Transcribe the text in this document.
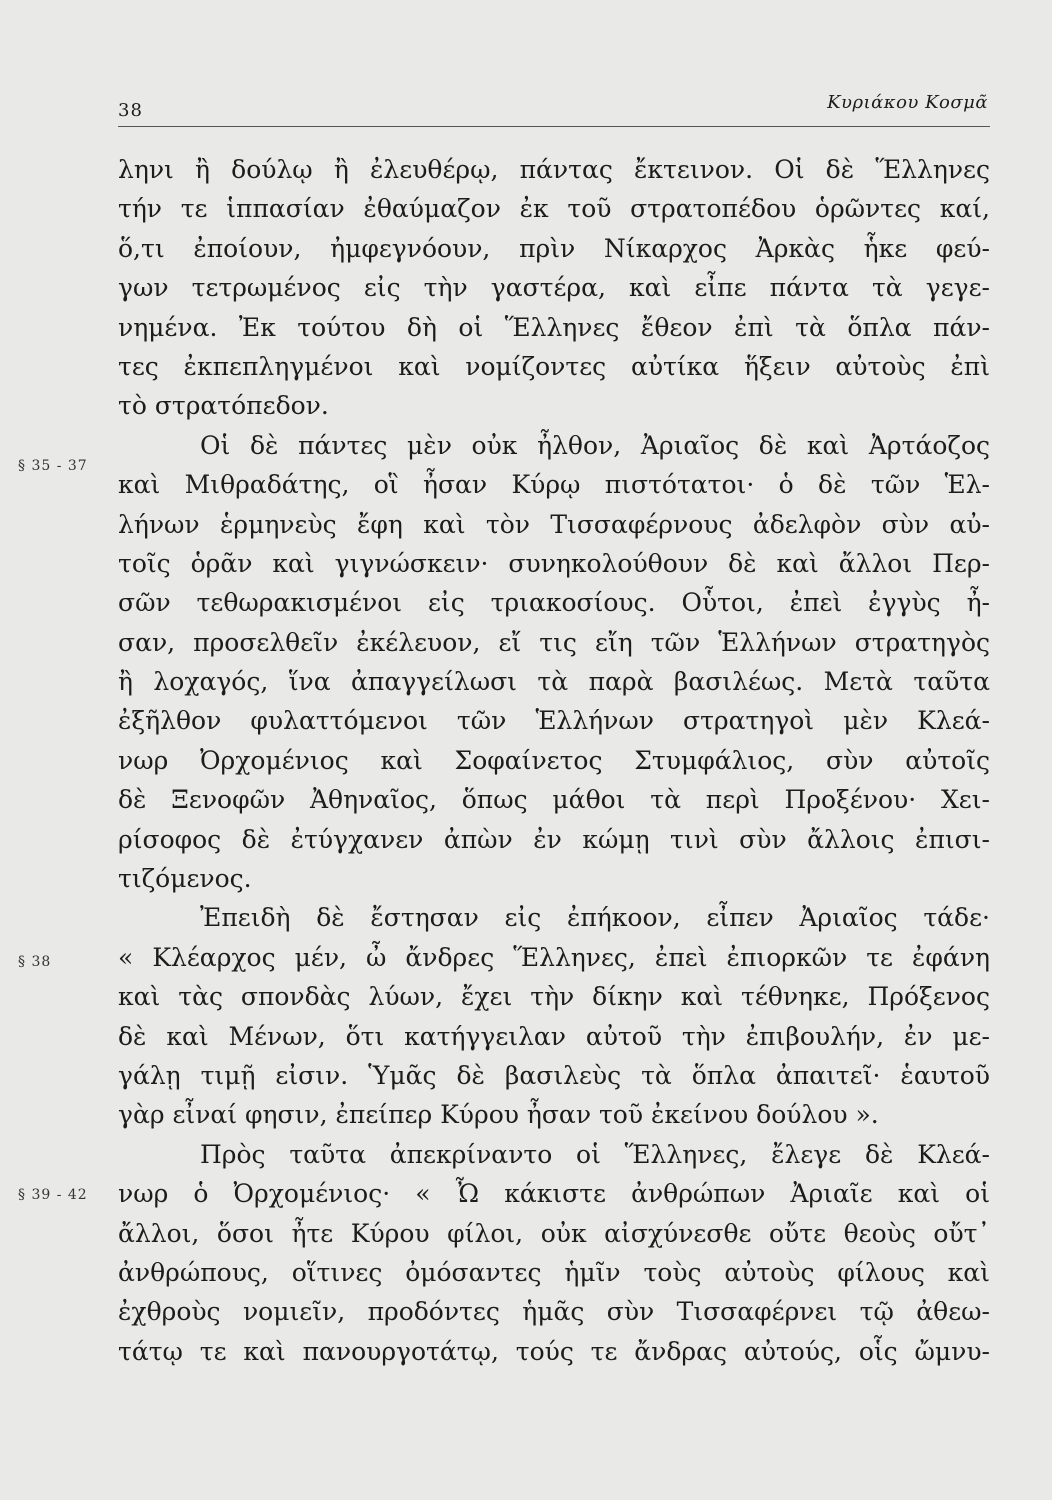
38	Κυριάκου Κοσμᾶ
§ 35 - 37
§ 38
§ 39 - 42
ληνι ἢ δούλῳ ἢ ἐλευθέρῳ, πάντας ἔκτεινον. Οἱ δὲ Ἕλληνες
τήν τε ἱππασίαν ἐθαύμαζον ἐκ τοῦ στρατοπέδου ὁρῶντες καί,
ὅ,τι ἐποίουν, ἠμφεγνόουν, πρὶν Νίκαρχος Ἀρκὰς ἧκε φεύ-
γων τετρωμένος εἰς τὴν γαστέρα, καὶ εἶπε πάντα τὰ γεγε-
νημένα. Ἐκ τούτου δὴ οἱ Ἕλληνες ἔθεον ἐπὶ τὰ ὅπλα πάν-
τες ἐκπεπληγμένοι καὶ νομίζοντες αὐτίκα ἥξειν αὐτοὺς ἐπὶ
τὸ στρατόπεδον.
Οἱ δὲ πάντες μὲν οὐκ ἦλθον, Ἀριαῖος δὲ καὶ Ἀρτάοζος
καὶ Μιθραδάτης, οἳ ἦσαν Κύρῳ πιστότατοι· ὁ δὲ τῶν Ἑλ-
λήνων ἑρμηνεὺς ἔφη καὶ τὸν Τισσαφέρνους ἀδελφὸν σὺν αὐ-
τοῖς ὁρᾶν καὶ γιγνώσκειν· συνηκολούθουν δὲ καὶ ἄλλοι Περ-
σῶν τεθωρακισμένοι εἰς τριακοσίους. Οὗτοι, ἐπεὶ ἐγγὺς ἦ-
σαν, προσελθεῖν ἐκέλευον, εἴ τις εἴη τῶν Ἑλλήνων στρατηγὸς
ἢ λοχαγός, ἵνα ἀπαγγείλωσι τὰ παρὰ βασιλέως. Μετὰ ταῦτα
ἐξῆλθον φυλαττόμενοι τῶν Ἑλλήνων στρατηγοὶ μὲν Κλεά-
νωρ Ὀρχομένιος καὶ Σοφαίνετος Στυμφάλιος, σὺν αὐτοῖς
δὲ Ξενοφῶν Ἀθηναῖος, ὅπως μάθοι τὰ περὶ Προξένου· Χει-
ρίσοφος δὲ ἐτύγχανεν ἀπὼν ἐν κώμῃ τινὶ σὺν ἄλλοις ἐπισι-
τιζόμενος.
Ἐπειδὴ δὲ ἔστησαν εἰς ἐπήκοον, εἶπεν Ἀριαῖος τάδε·
« Κλέαρχος μέν, ὦ ἄνδρες Ἕλληνες, ἐπεὶ ἐπιορκῶν τε ἐφάνη
καὶ τὰς σπονδὰς λύων, ἔχει τὴν δίκην καὶ τέθνηκε, Πρόξενος
δὲ καὶ Μένων, ὅτι κατήγγειλαν αὐτοῦ τὴν ἐπιβουλήν, ἐν με-
γάλῃ τιμῇ εἰσιν. Ὑμᾶς δὲ βασιλεὺς τὰ ὅπλα ἀπαιτεῖ· ἑαυτοῦ
γὰρ εἶναί φησιν, ἐπείπερ Κύρου ἦσαν τοῦ ἐκείνου δούλου ».
Πρὸς ταῦτα ἀπεκρίναντο οἱ Ἕλληνες, ἔλεγε δὲ Κλεά-
νωρ ὁ Ὀρχομένιος· « Ὦ κάκιστε ἀνθρώπων Ἀριαῖε καὶ οἱ
ἄλλοι, ὅσοι ἦτε Κύρου φίλοι, οὐκ αἰσχύνεσθε οὔτε θεοὺς οὔτ᾽
ἀνθρώπους, οἵτινες ὀμόσαντες ἡμῖν τοὺς αὐτοὺς φίλους καὶ
ἐχθροὺς νομιεῖν, προδόντες ἡμᾶς σὺν Τισσαφέρνει τῷ ἀθεω-
τάτῳ τε καὶ πανουργοτάτῳ, τούς τε ἄνδρας αὐτούς, οἷς ὤμνυ-
